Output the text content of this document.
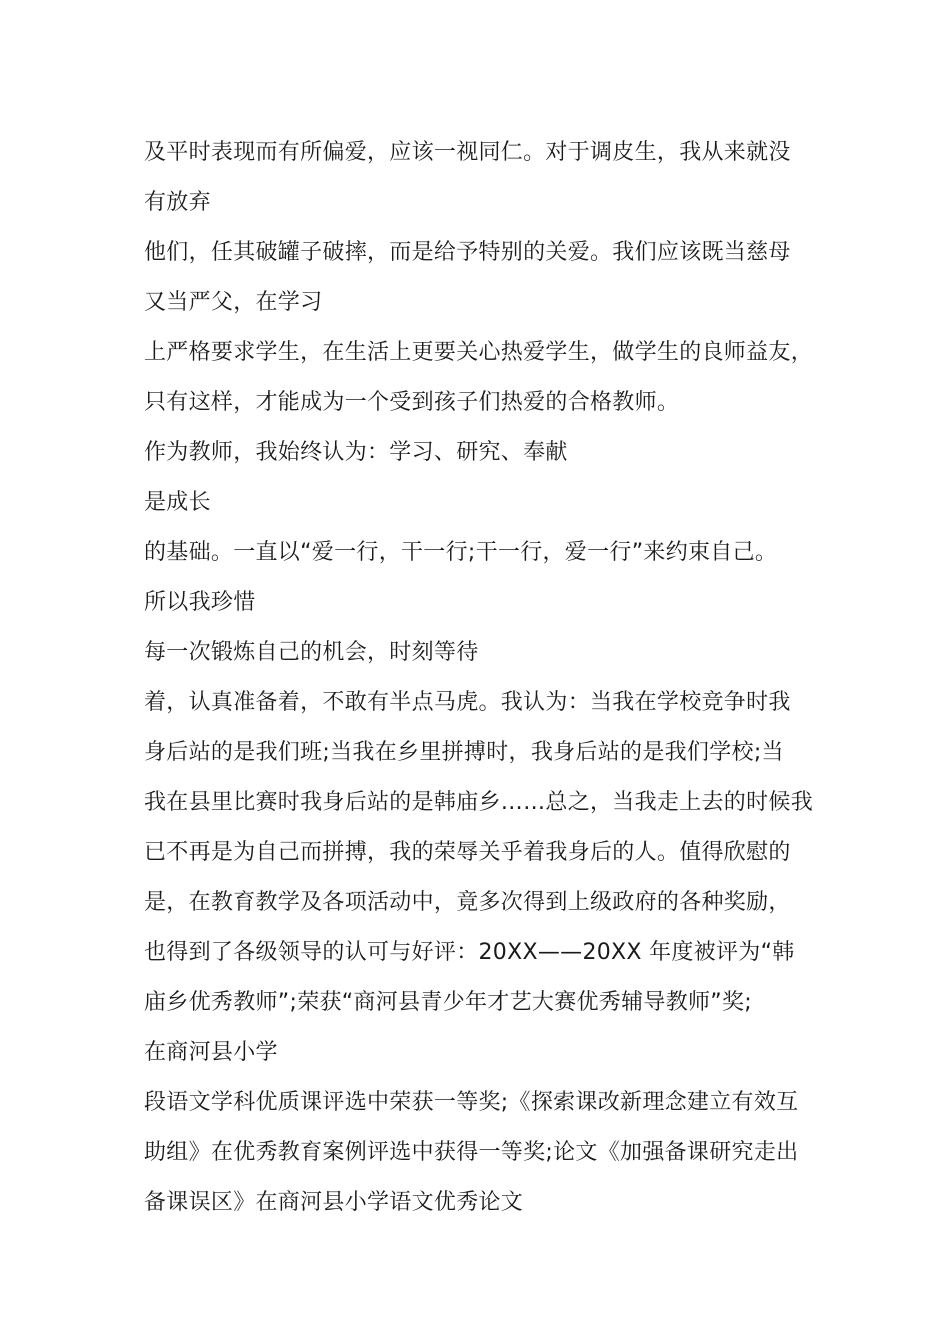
及平时表现而有所偏爱，应该一视同仁。对于调皮生，我从来就没
有放弃
他们，任其破罐子破摔，而是给予特别的关爱。我们应该既当慈母
又当严父，在学习
上严格要求学生，在生活上更要关心热爱学生，做学生的良师益友，
只有这样，才能成为一个受到孩子们热爱的合格教师。
作为教师，我始终认为：学习、研究、奉献
是成长
的基础。一直以“爱一行，干一行;干一行，爱一行”来约束自己。
所以我珍惜
每一次锻炼自己的机会，时刻等待
着，认真准备着，不敢有半点马虎。我认为：当我在学校竞争时我
身后站的是我们班;当我在乡里拼搏时，我身后站的是我们学校;当
我在县里比赛时我身后站的是韩庙乡……总之，当我走上去的时候我
已不再是为自己而拼搏，我的荣辱关乎着我身后的人。值得欣慰的
是，在教育教学及各项活动中，竟多次得到上级政府的各种奖励，
也得到了各级领导的认可与好评：20XX——20XX 年度被评为“韩
庙乡优秀教师”;荣获“商河县青少年才艺大赛优秀辅导教师”奖;
在商河县小学
段语文学科优质课评选中荣获一等奖;《探索课改新理念建立有效互
助组》在优秀教育案例评选中获得一等奖;论文《加强备课研究走出
备课误区》在商河县小学语文优秀论文
